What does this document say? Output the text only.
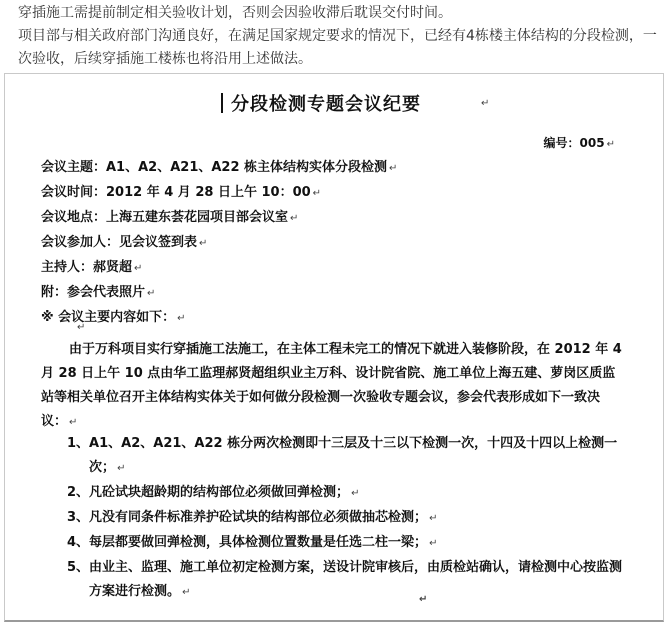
穿插施工需提前制定相关验收计划，否则会因验收滞后耽误交付时间。

项目部与相关政府部门沟通良好，在满足国家规定要求的情况下，已经有4栋楼主体结构的分段检测，一次验收，后续穿插施工楼栋也将沿用上述做法。

分段检测专题会议纪要	↵
编号：005 ↵
会议主题：A1、A2、A21、A22 栋主体结构实体分段检测 ↵
会议时间：2012 年 4 月 28 日上午 10：00 ↵
会议地点：上海五建东荟花园项目部会议室 ↵
会议参加人：见会议签到表 ↵
主持人：郝贤超 ↵
附：参会代表照片 ↵
※ 会议主要内容如下： ↵
↵
由于万科项目实行穿插施工法施工，在主体工程未完工的情况下就进入装修阶段，在 2012 年 4 月 28 日上午 10 点由华工监理郝贤超组织业主万科、设计院省院、施工单位上海五建、萝岗区质监站等相关单位召开主体结构实体关于如何做分段检测一次验收专题会议，参会代表形成如下一致决议： ↵
1、 A1、A2、A21、A22 栋分两次检测即十三层及十三以下检测一次，十四及十四以上检测一次； ↵
2、 凡砼试块超龄期的结构部位必须做回弹检测； ↵
3、 凡没有同条件标准养护砼试块的结构部位必须做抽芯检测； ↵
4、 每层都要做回弹检测，具体检测位置数量是任选二柱一梁； ↵
5、 由业主、监理、施工单位初定检测方案，送设计院审核后，由质检站确认，请检测中心按监测方案进行检测。 ↵
↵
